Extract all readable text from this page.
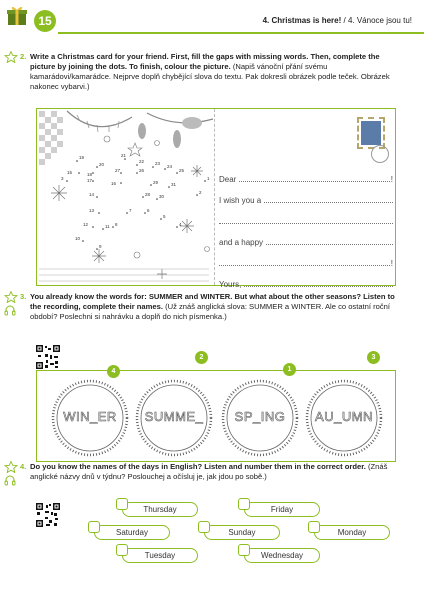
15	4. Christmas is here! / 4. Vánoce jsou tu!
2. Write a Christmas card for your friend. First, fill the gaps with missing words. Then, complete the picture by joining the dots. To finish, colour the picture. (Napiš vánoční přání svému kamarádovi/kamarádce. Nejprve doplň chybějící slova do textu. Pak dokresli obrázek podle teček. Obrázek nakonec vybarvi.)
21
19
20
22 23
15	18
27	26
24
25
17
16
3
14	28 30
13
12	11
10
9
8
7	6
5
4
2
1
29	31
Dear	!
I wish you a
and a happy
!
Yours,
3. You already know the words for: SUMMER and WINTER. But what about the other seasons? Listen to the recording, complete their names. (Už znáš anglická slova: SUMMER a WINTER. Ale co ostatní roční období? Poslechni si nahrávku a doplň do nich písmenka.)
WIN_ER
4
SUMME_
2
SP_ING
1
AU_UMN
3
4. Do you know the names of the days in English? Listen and number them in the correct order. (Znáš anglické názvy dnů v týdnu? Poslouchej a očísluj je, jak jdou po sobě.)
Thursday	Friday
Saturday	Sunday	Monday
Tuesday	Wednesday
